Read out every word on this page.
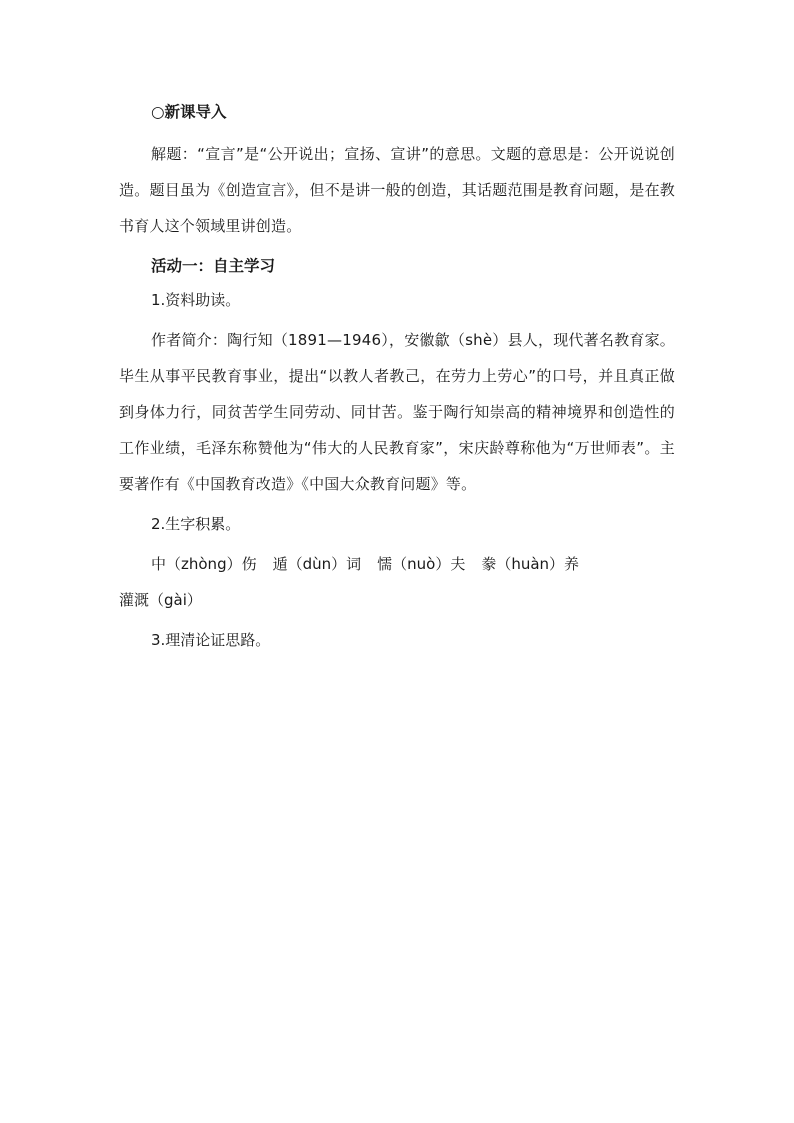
○新课导入

解题：“宣言”是“公开说出；宣扬、宣讲”的意思。文题的意思是：公开说说创造。题目虽为《创造宣言》，但不是讲一般的创造，其话题范围是教育问题，是在教书育人这个领域里讲创造。

活动一：自主学习

1.资料助读。

作者简介：陶行知（1891—1946），安徽歙（shè）县人，现代著名教育家。毕生从事平民教育事业，提出“以教人者教己，在劳力上劳心”的口号，并且真正做到身体力行，同贫苦学生同劳动、同甘苦。鉴于陶行知崇高的精神境界和创造性的工作业绩，毛泽东称赞他为“伟大的人民教育家”，宋庆龄尊称他为“万世师表”。主要著作有《中国教育改造》《中国大众教育问题》等。

2.生字积累。

中（zhòng）伤 遁（dùn）词 懦（nuò）夫 豢（huàn）养灌溉（gài）

3.理清论证思路。
